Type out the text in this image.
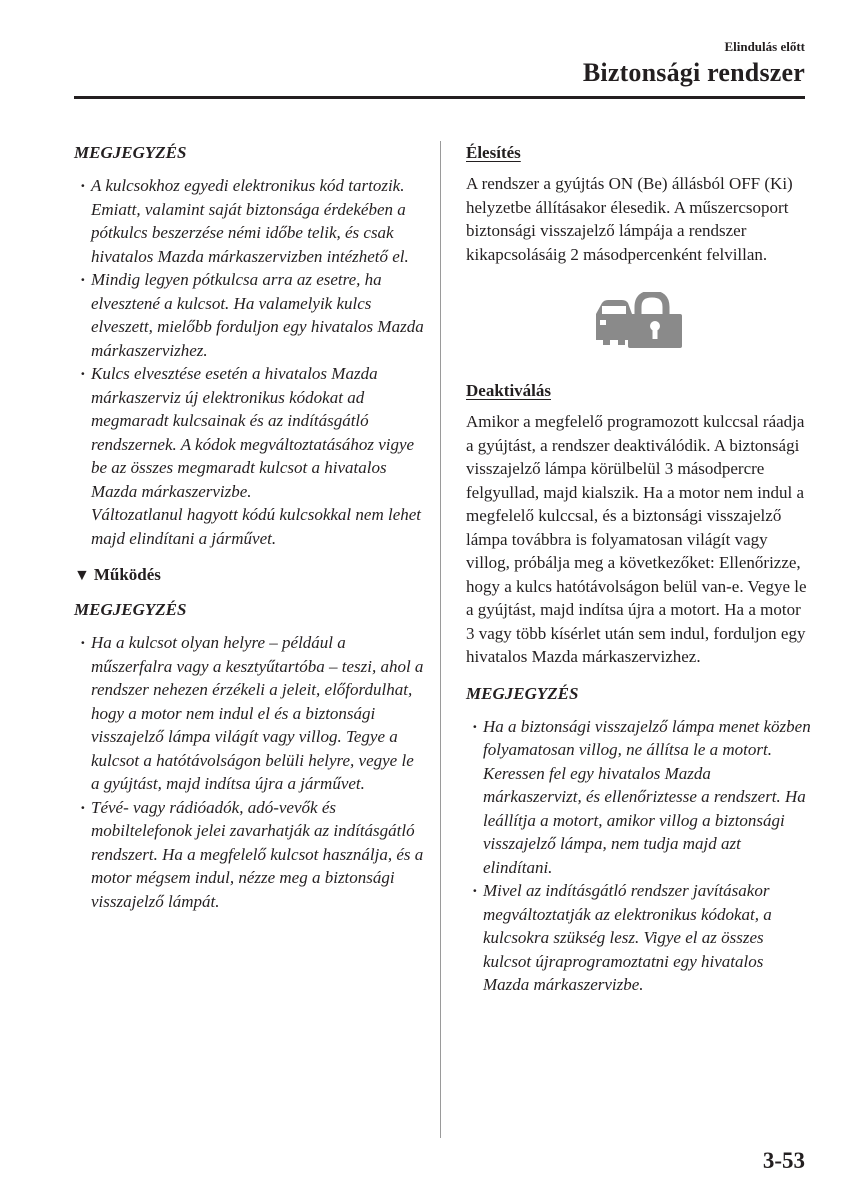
Elindulás előtt
Biztonsági rendszer
MEGJEGYZÉS
· A kulcsokhoz egyedi elektronikus kód tartozik. Emiatt, valamint saját biztonsága érdekében a pótkulcs beszerzése némi időbe telik, és csak hivatalos Mazda márkaszervizben intézhető el.
· Mindig legyen pótkulcsa arra az esetre, ha elvesztené a kulcsot. Ha valamelyik kulcs elveszett, mielőbb forduljon egy hivatalos Mazda márkaszervizhez.
· Kulcs elvesztése esetén a hivatalos Mazda márkaszerviz új elektronikus kódokat ad megmaradt kulcsainak és az indításgátló rendszernek. A kódok megváltoztatásához vigye be az összes megmaradt kulcsot a hivatalos Mazda márkaszervizbe.
Változatlanul hagyott kódú kulcsokkal nem lehet majd elindítani a járművet.
▼ Működés
MEGJEGYZÉS
· Ha a kulcsot olyan helyre – például a műszerfalra vagy a kesztyűtartóba – teszi, ahol a rendszer nehezen érzékeli a jeleit, előfordulhat, hogy a motor nem indul el és a biztonsági visszajelző lámpa világít vagy villog. Tegye a kulcsot a hatótávolságon belüli helyre, vegye le a gyújtást, majd indítsa újra a járművet.
· Tévé- vagy rádióadók, adó-vevők és mobiltelefonok jelei zavarhatják az indításgátló rendszert. Ha a megfelelő kulcsot használja, és a motor mégsem indul, nézze meg a biztonsági visszajelző lámpát.
Élesítés

A rendszer a gyújtás ON (Be) állásból OFF (Ki) helyzetbe állításakor élesedik. A műszercsoport biztonsági visszajelző lámpája a rendszer kikapcsolásáig 2 másodpercenként felvillan.

Deaktiválás

Amikor a megfelelő programozott kulccsal ráadja a gyújtást, a rendszer deaktiválódik. A biztonsági visszajelző lámpa körülbelül 3 másodpercre felgyullad, majd kialszik. Ha a motor nem indul a megfelelő kulccsal, és a biztonsági visszajelző lámpa továbbra is folyamatosan világít vagy villog, próbálja meg a következőket: Ellenőrizze, hogy a kulcs hatótávolságon belül van-e. Vegye le a gyújtást, majd indítsa újra a motort. Ha a motor 3 vagy több kísérlet után sem indul, forduljon egy hivatalos Mazda márkaszervizhez.

MEGJEGYZÉS
· Ha a biztonsági visszajelző lámpa menet közben folyamatosan villog, ne állítsa le a motort. Keressen fel egy hivatalos Mazda márkaszervizt, és ellenőriztesse a rendszert. Ha leállítja a motort, amikor villog a biztonsági visszajelző lámpa, nem tudja majd azt elindítani.
· Mivel az indításgátló rendszer javításakor megváltoztatják az elektronikus kódokat, a kulcsokra szükség lesz. Vigye el az összes kulcsot újraprogramoztatni egy hivatalos Mazda márkaszervizbe.
3-53
